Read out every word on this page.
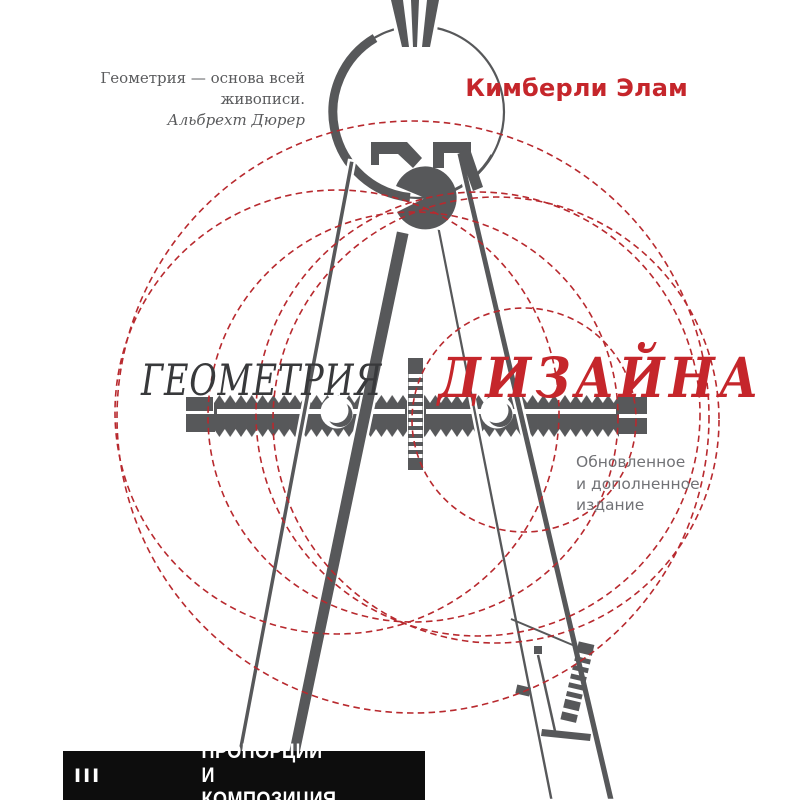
Геометрия — основа всей живописи.
Альбрехт Дюрер
Кимберли Элам
ГЕОМЕТРИЯ ДИЗАЙНА
Обновленное
и дополненное
издание
III
ПРОПОРЦИИ И КОМПОЗИЦИЯ
